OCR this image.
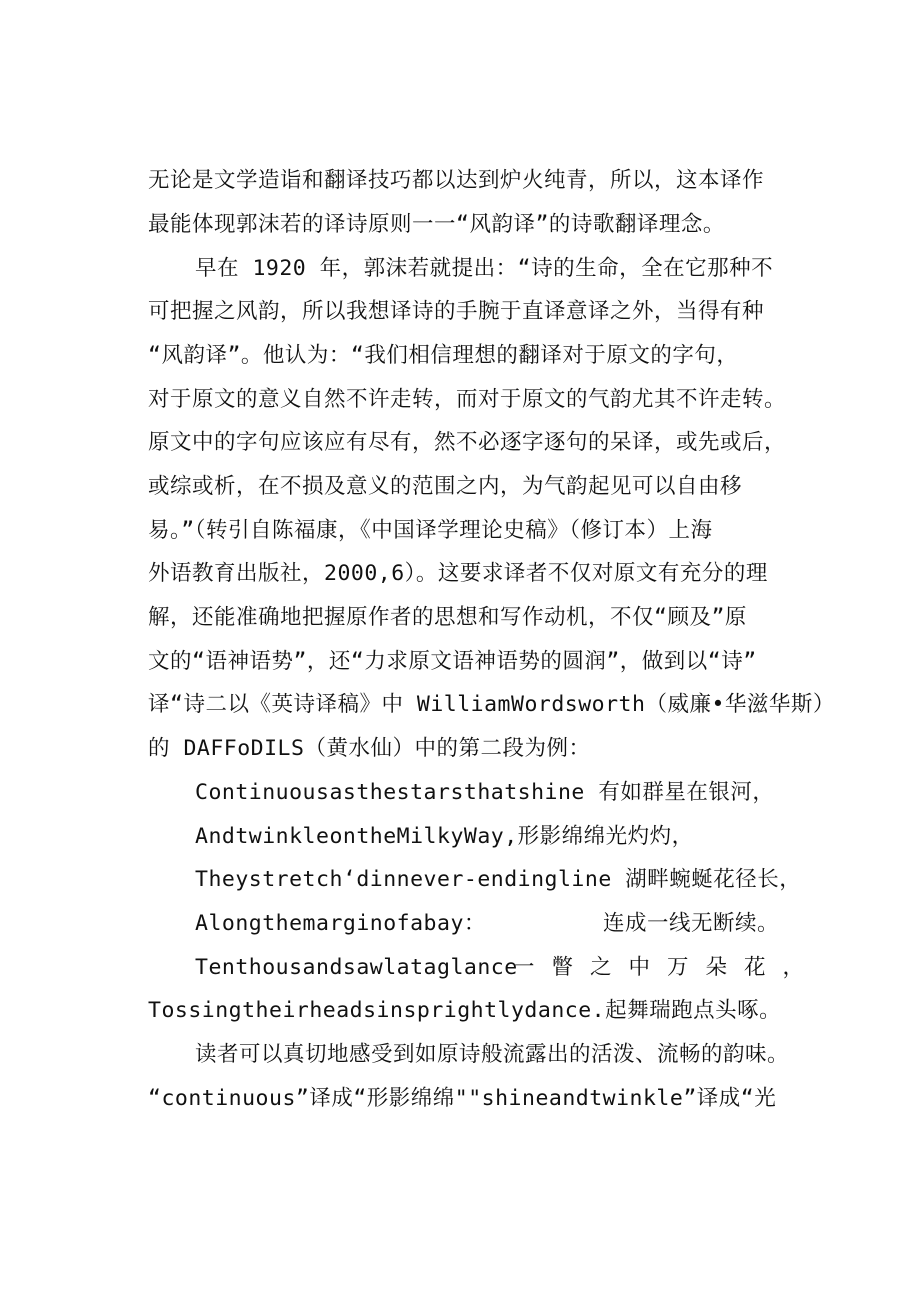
无论是文学造诣和翻译技巧都以达到炉火纯青，所以，这本译作
最能体现郭沫若的译诗原则一一“风韵译”的诗歌翻译理念。
早在 1920 年，郭沫若就提出：“诗的生命，全在它那种不
可把握之风韵，所以我想译诗的手腕于直译意译之外，当得有种
“风韵译”。他认为：“我们相信理想的翻译对于原文的字句，
对于原文的意义自然不许走转，而对于原文的气韵尤其不许走转。
原文中的字句应该应有尽有，然不必逐字逐句的呆译，或先或后，
或综或析，在不损及意义的范围之内，为气韵起见可以自由移
易。”（转引自陈福康，《中国译学理论史稿》（修订本）上海
外语教育出版社，2000,6）。这要求译者不仅对原文有充分的理
解，还能准确地把握原作者的思想和写作动机，不仅“顾及”原
文的“语神语势”，还“力求原文语神语势的圆润”，做到以“诗”
译“诗二以《英诗译稿》中 WilliamWordsworth（威廉•华滋华斯）
的 DAFFoDILS（黄水仙）中的第二段为例：
Continuousasthestarsthatshine 有如群星在银河，
AndtwinkleontheMilkyWay,形影绵绵光灼灼，
Theystretch‘dinnever-endingline 湖畔蜿蜒花径长，
Alongthemarginofabay：	连成一线无断续。
Tenthousandsawlataglance
一瞥之中万朵花，
Tossingtheirheadsinsprightlydance.起舞瑞跑点头啄。
读者可以真切地感受到如原诗般流露出的活泼、流畅的韵味。
“continuous”译成“形影绵绵""shineandtwinkle”译成“光
